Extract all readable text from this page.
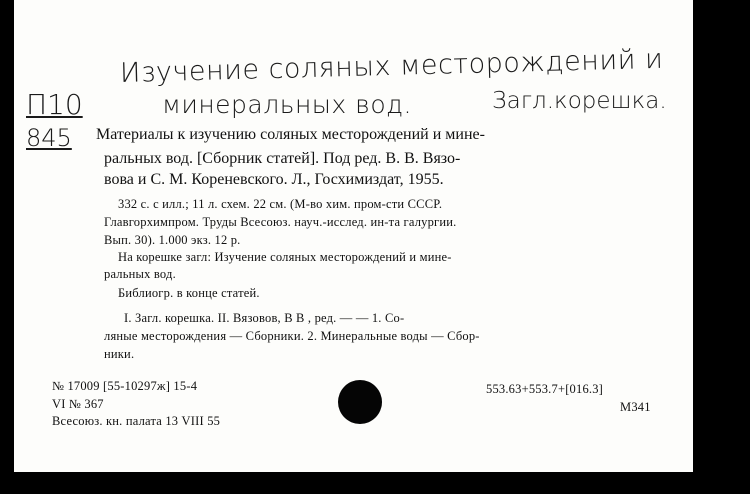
П10
845
Изучение соляных месторождений и
минеральных вод.	Загл.корешка.
Материалы к изучению соляных месторождений и мине-
ральных вод. [Сборник статей]. Под ред. В. В. Вязо-
вова и С. М. Кореневского. Л., Госхимиздат, 1955.
332 с. с илл.; 11 л. схем. 22 см. (М-во хим. пром-сти СССР.
Главгорхимпром. Труды Всесоюз. науч.-исслед. ин-та галургии.
Вып. 30). 1.000 экз. 12 р.
На корешке загл: Изучение соляных месторождений и мине-
ральных вод.
Библиогр. в конце статей.
I. Загл. корешка. II. Вязовов, В В , ред. — — 1. Со-
ляные месторождения — Сборники. 2. Минеральные воды — Сбор-
ники.
№ 17009 [55-10297ж] 15-4
VI № 367
Всесоюз. кн. палата 13 VIII 55
553.63+553.7+[016.3]
M341
